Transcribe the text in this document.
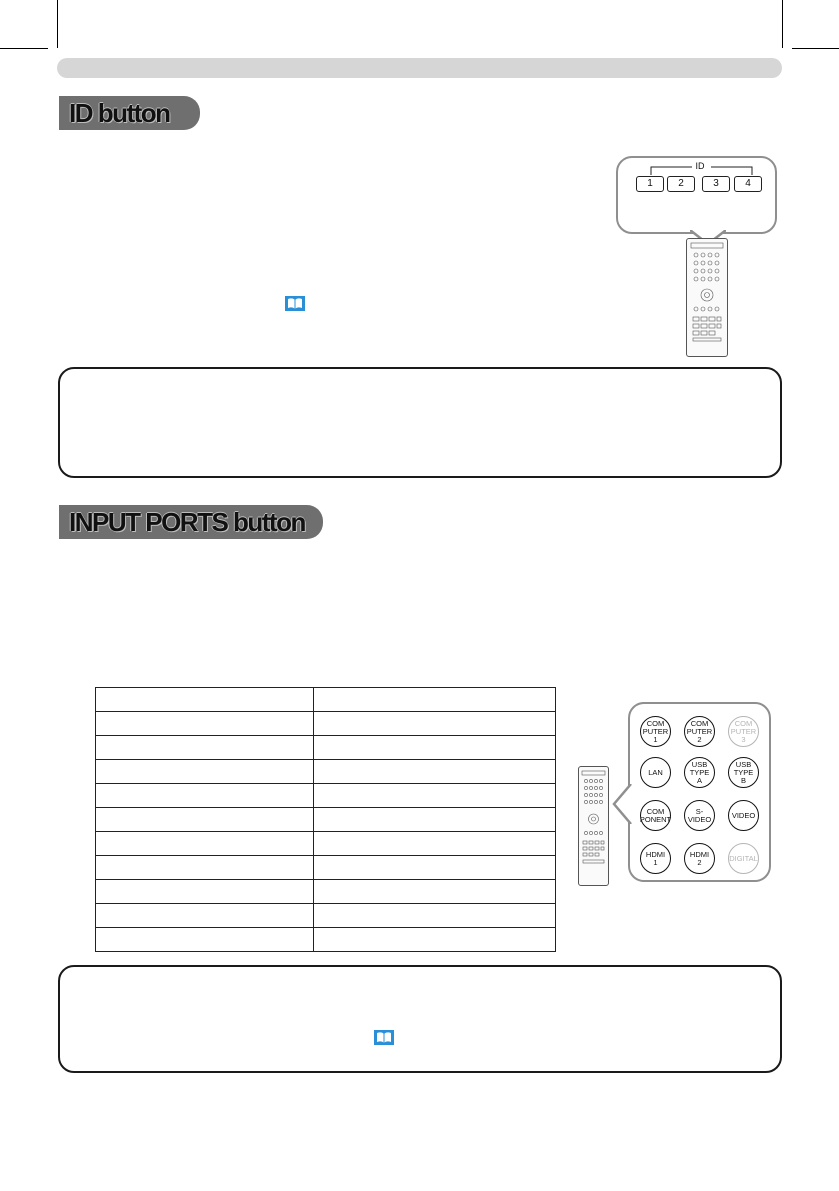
ID button
ID
1	2	3	4
INPUT PORTS button

COM
PUTER
1
COM
PUTER
2
COM
PUTER
3
LAN
USB
TYPE
A
USB
TYPE
B
COM
PONENT
S-VIDEO	VIDEO
HDMI
1
HDMI
2	DIGITAL
